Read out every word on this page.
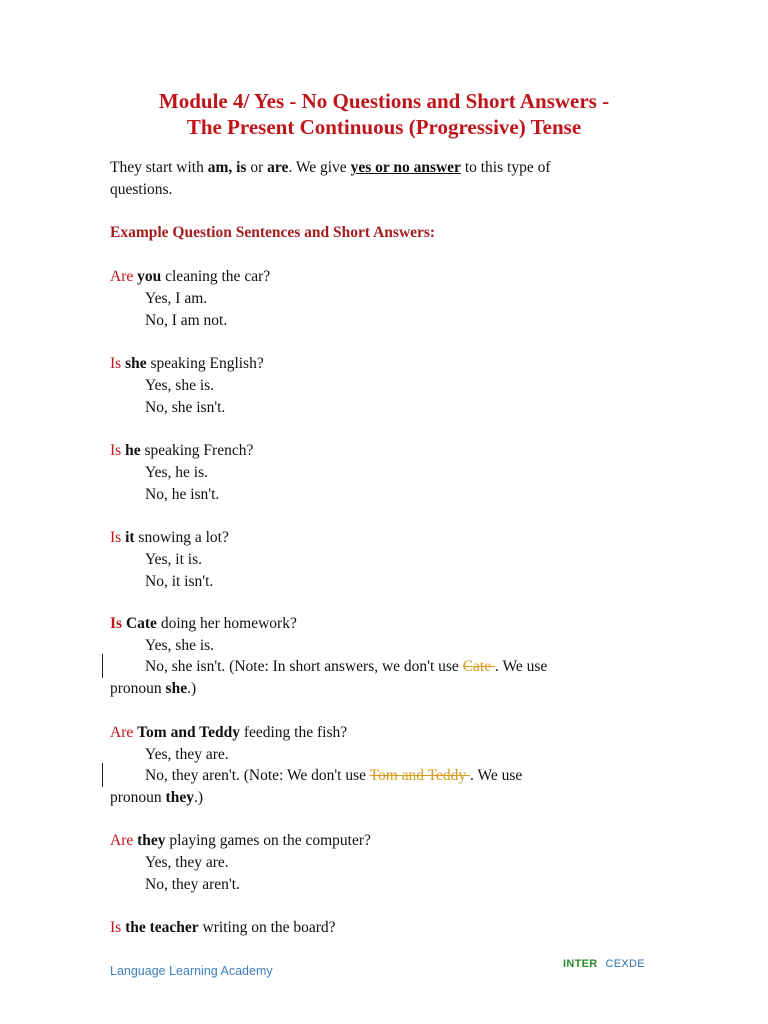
Module 4/ Yes - No Questions and Short Answers -
The Present Continuous (Progressive) Tense
They start with am, is or are. We give yes or no answer to this type of
questions.
Example Question Sentences and Short Answers:
Are you cleaning the car?
Yes, I am.
No, I am not.
Is she speaking English?
Yes, she is.
No, she isn't.
Is he speaking French?
Yes, he is.
No, he isn't.
Is it snowing a lot?
Yes, it is.
No, it isn't.
Is Cate doing her homework?
Yes, she is.
No, she isn't. (Note: In short answers, we don't use Cate . We use
pronoun she.)
Are Tom and Teddy feeding the fish?
Yes, they are.
No, they aren't. (Note: We don't use Tom and Teddy . We use
pronoun they.)
Are they playing games on the computer?
Yes, they are.
No, they aren't.
Is the teacher writing on the board?
Language Learning Academy	INTER CEXDE
